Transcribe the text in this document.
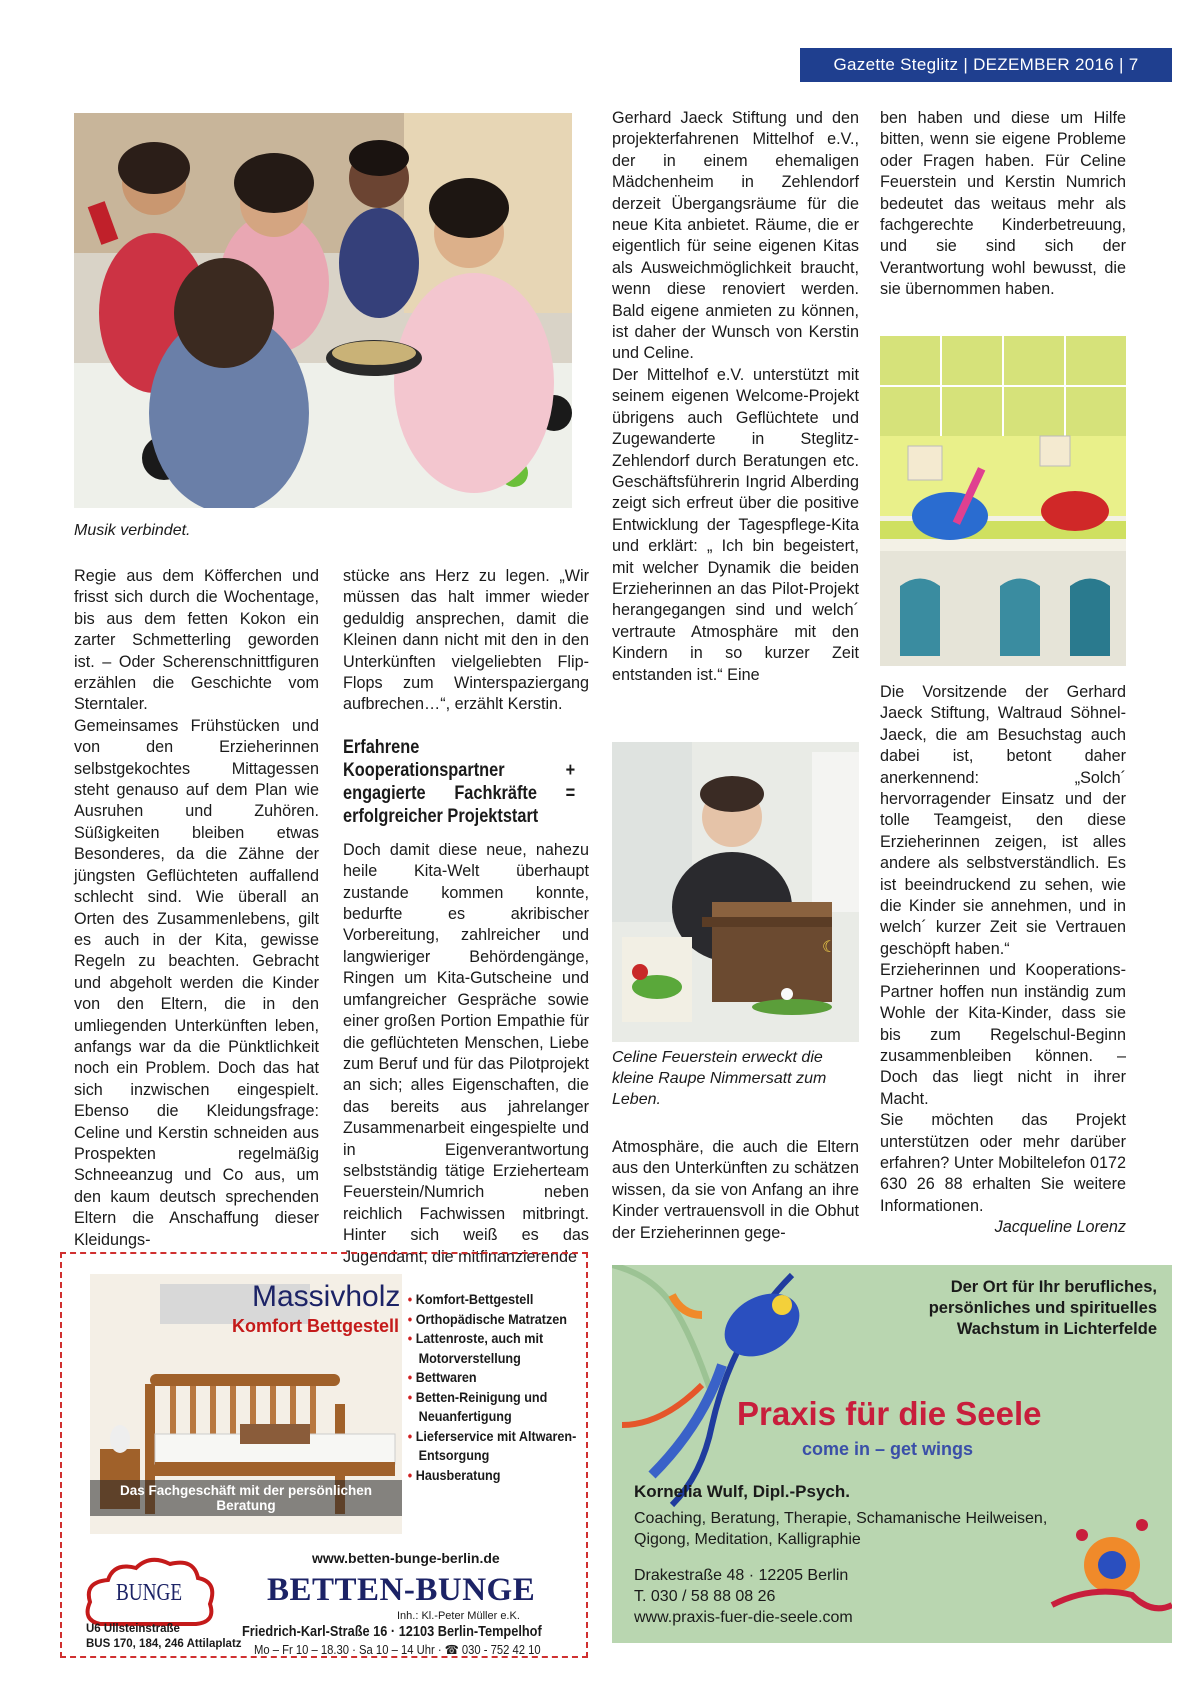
Gazette Steglitz | DEZEMBER 2016 | 7
Musik verbindet.

Regie aus dem Köfferchen und frisst sich durch die Wochentage, bis aus dem fetten Kokon ein zarter Schmetterling geworden ist. – Oder Scherenschnittfiguren erzählen die Geschichte vom Sterntaler.

Gemeinsames Frühstücken und von den Erzieherinnen selbstgekochtes Mittagessen steht genauso auf dem Plan wie Ausruhen und Zuhören. Süßigkeiten bleiben etwas Besonderes, da die Zähne der jüngsten Geflüchteten auffallend schlecht sind. Wie überall an Orten des Zusammenlebens, gilt es auch in der Kita, gewisse Regeln zu beachten. Gebracht und abgeholt werden die Kinder von den Eltern, die in den umliegenden Unterkünften leben, anfangs war da die Pünktlichkeit noch ein Problem. Doch das hat sich inzwischen eingespielt. Ebenso die Kleidungsfrage: Celine und Kerstin schneiden aus Prospekten regelmäßig Schneeanzug und Co aus, um den kaum deutsch sprechenden Eltern die Anschaffung dieser Kleidungs-

stücke ans Herz zu legen. „Wir müssen das halt immer wieder geduldig ansprechen, damit die Kleinen dann nicht mit den in den Unterkünften vielgeliebten Flip-Flops zum Winterspaziergang aufbrechen…“, erzählt Kerstin.

Erfahrene Kooperationspartner + engagierte Fachkräfte = erfolgreicher Projektstart

Doch damit diese neue, nahezu heile Kita-Welt überhaupt zustande kommen konnte, bedurfte es akribischer Vorbereitung, zahlreicher und langwieriger Behördengänge, Ringen um Kita-Gutscheine und umfangreicher Gespräche sowie einer großen Portion Empathie für die geflüchteten Menschen, Liebe zum Beruf und für das Pilotprojekt an sich; alles Eigenschaften, die das bereits aus jahrelanger Zusammenarbeit eingespielte und in Eigenverantwortung selbstständig tätige Erzieherteam Feuerstein/Numrich neben reichlich Fachwissen mitbringt. Hinter sich weiß es das Jugendamt, die mitfinanzierende

Gerhard Jaeck Stiftung und den projekterfahrenen Mittelhof e.V., der in einem ehemaligen Mädchenheim in Zehlendorf derzeit Übergangsräume für die neue Kita anbietet. Räume, die er eigentlich für seine eigenen Kitas als Ausweichmöglichkeit braucht, wenn diese renoviert werden. Bald eigene anmieten zu können, ist daher der Wunsch von Kerstin und Celine.

Der Mittelhof e.V. unterstützt mit seinem eigenen Welcome-Projekt übrigens auch Geflüchtete und Zugewanderte in Steglitz-Zehlendorf durch Beratungen etc. Geschäftsführerin Ingrid Alberding zeigt sich erfreut über die positive Entwicklung der Tagespflege-Kita und erklärt: „ Ich bin begeistert, mit welcher Dynamik die beiden Erzieherinnen an das Pilot-Projekt herangegangen sind und welch´ vertraute Atmosphäre mit den Kindern in so kurzer Zeit entstanden ist.“ Eine

☾
Celine Feuerstein erweckt die kleine Raupe Nimmersatt zum Leben.

Atmosphäre, die auch die Eltern aus den Unterkünften zu schätzen wissen, da sie von Anfang an ihre Kinder vertrauensvoll in die Obhut der Erzieherinnen gege-

ben haben und diese um Hilfe bitten, wenn sie eigene Probleme oder Fragen haben. Für Celine Feuerstein und Kerstin Numrich bedeutet das weitaus mehr als fachgerechte Kinderbetreuung, und sie sind sich der Verantwortung wohl bewusst, die sie übernommen haben.

Die Vorsitzende der Gerhard Jaeck Stiftung, Waltraud Söhnel-Jaeck, die am Besuchstag auch dabei ist, betont daher anerkennend: „Solch´ hervorragender Einsatz und der tolle Teamgeist, den diese Erzieherinnen zeigen, ist alles andere als selbstverständlich. Es ist beeindruckend zu sehen, wie die Kinder sie annehmen, und in welch´ kurzer Zeit sie Vertrauen geschöpft haben.“

Erzieherinnen und Kooperations-Partner hoffen nun inständig zum Wohle der Kita-Kinder, dass sie bis zum Regelschul-Beginn zusammenbleiben können. – Doch das liegt nicht in ihrer Macht.

Sie möchten das Projekt unterstützen oder mehr darüber erfahren? Unter Mobiltelefon 0172 630 26 88 erhalten Sie weitere Informationen.

Jacqueline Lorenz

Massivholz
Komfort Bettgestell
Das Fachgeschäft mit der persönlichen Beratung
• Komfort-Bettgestell
• Orthopädische Matratzen
• Lattenroste, auch mit Motorverstellung
• Bettwaren
• Betten-Reinigung und Neuanfertigung
• Lieferservice mit Altwaren-Entsorgung
• Hausberatung
www.betten-bunge-berlin.de
BUNGE
U6 Ullsteinstraße
BUS 170, 184, 246 Attilaplatz
BETTEN-BUNGE
Inh.: Kl.-Peter Müller e.K.
Friedrich-Karl-Straße 16 · 12103 Berlin-Tempelhof
Mo – Fr 10 – 18.30 · Sa 10 – 14 Uhr · ☎ 030 - 752 42 10
Der Ort für Ihr berufliches, persönliches und spirituelles Wachstum in Lichterfelde
Praxis für die Seele
come in – get wings
Kornelia Wulf, Dipl.-Psych.
Coaching, Beratung, Therapie, Schamanische Heilweisen, Qigong, Meditation, Kalligraphie
Drakestraße 48 · 12205 Berlin
T. 030 / 58 88 08 26
www.praxis-fuer-die-seele.com
